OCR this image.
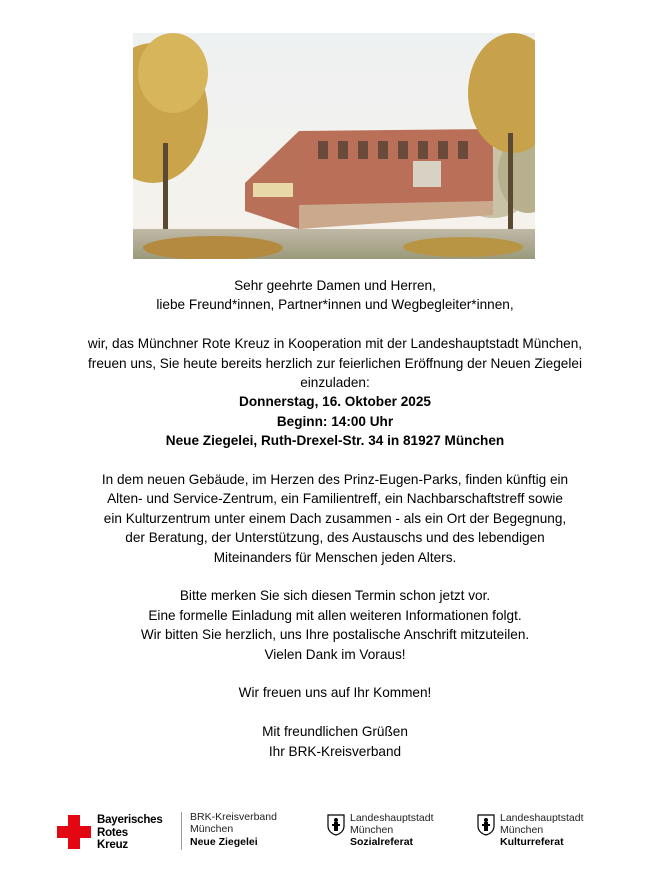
Sehr geehrte Damen und Herren,

liebe Freund*innen, Partner*innen und Wegbegleiter*innen,

wir, das Münchner Rote Kreuz in Kooperation mit der Landeshauptstadt München,

freuen uns, Sie heute bereits herzlich zur feierlichen Eröffnung der Neuen Ziegelei

einzuladen:

Donnerstag, 16. Oktober 2025

Beginn: 14:00 Uhr

Neue Ziegelei, Ruth-Drexel-Str. 34 in 81927 München

In dem neuen Gebäude, im Herzen des Prinz-Eugen-Parks, finden künftig ein

Alten- und Service-Zentrum, ein Familientreff, ein Nachbarschaftstreff sowie

ein Kulturzentrum unter einem Dach zusammen - als ein Ort der Begegnung,

der Beratung, der Unterstützung, des Austauschs und des lebendigen

Miteinanders für Menschen jeden Alters.

Bitte merken Sie sich diesen Termin schon jetzt vor.

Eine formelle Einladung mit allen weiteren Informationen folgt.

Wir bitten Sie herzlich, uns Ihre postalische Anschrift mitzuteilen.

Vielen Dank im Voraus!

Wir freuen uns auf Ihr Kommen!

Mit freundlichen Grüßen

Ihr BRK-Kreisverband

Bayerisches
Rotes
Kreuz
BRK-Kreisverband
München
Neue Ziegelei
Landeshauptstadt
München
Sozialreferat
Landeshauptstadt
München
Kulturreferat
